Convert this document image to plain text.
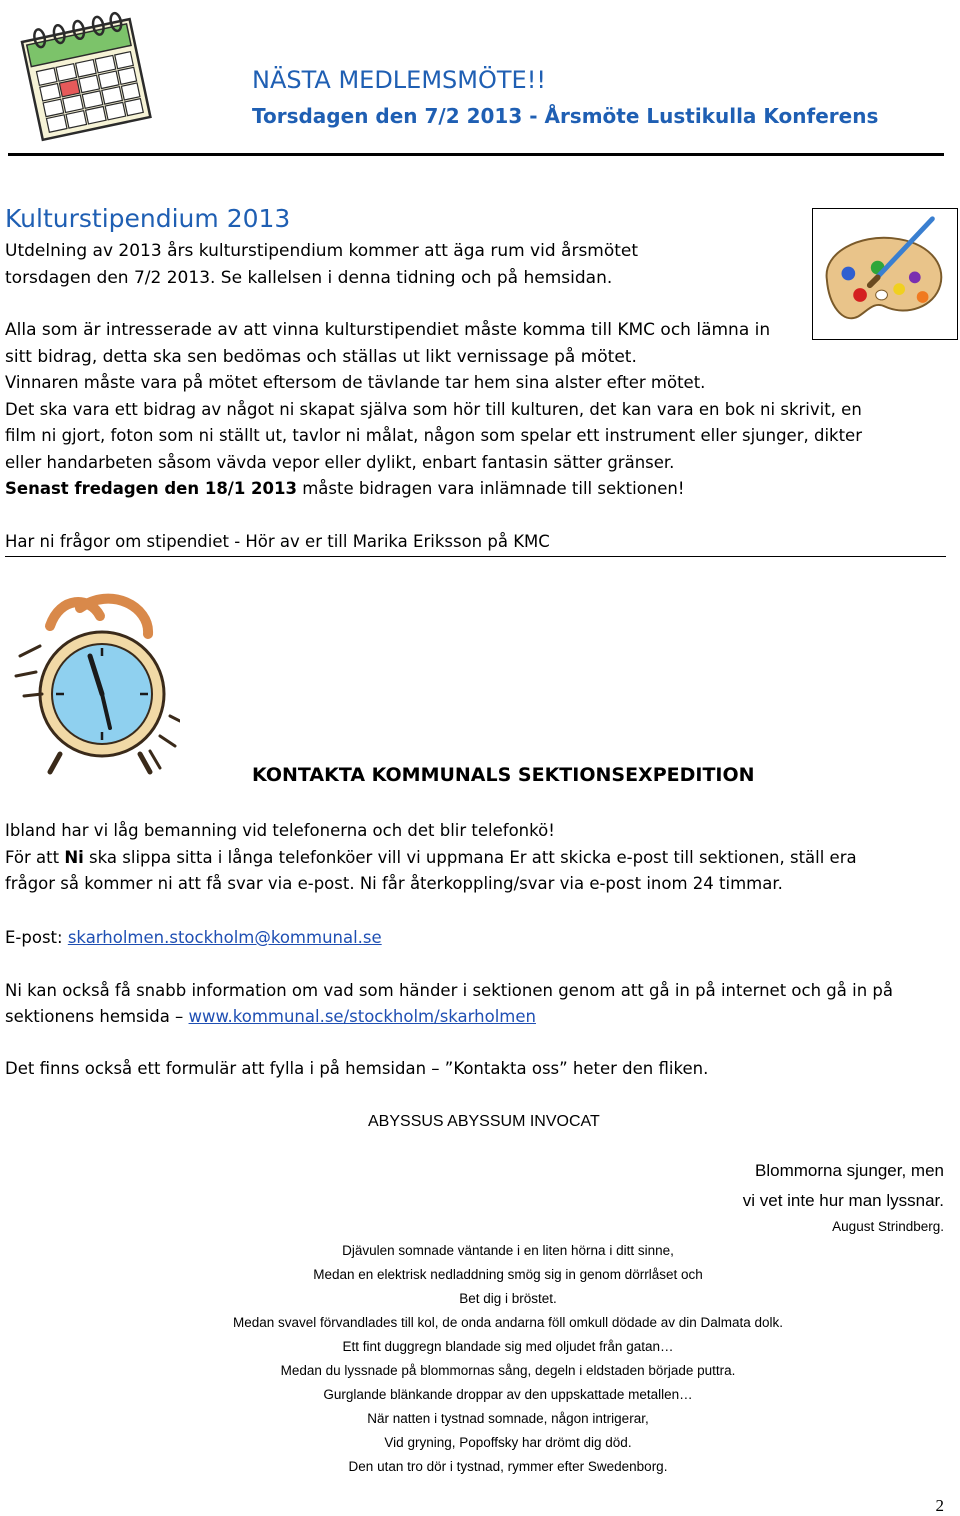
NÄSTA MEDLEMSMÖTE!!
Torsdagen den 7/2 2013 - Årsmöte Lustikulla Konferens
Kulturstipendium 2013
Utdelning av 2013 års kulturstipendium kommer att äga rum vid årsmötet
torsdagen den 7/2 2013. Se kallelsen i denna tidning och på hemsidan.
Alla som är intresserade av att vinna kulturstipendiet måste komma till KMC och lämna in
sitt bidrag, detta ska sen bedömas och ställas ut likt vernissage på mötet.
Vinnaren måste vara på mötet eftersom de tävlande tar hem sina alster efter mötet.
Det ska vara ett bidrag av något ni skapat själva som hör till kulturen, det kan vara en bok ni skrivit, en
film ni gjort, foton som ni ställt ut, tavlor ni målat, någon som spelar ett instrument eller sjunger, dikter
eller handarbeten såsom vävda vepor eller dylikt, enbart fantasin sätter gränser.
Senast fredagen den 18/1 2013 måste bidragen vara inlämnade till sektionen!
Har ni frågor om stipendiet - Hör av er till Marika Eriksson på KMC
KONTAKTA KOMMUNALS SEKTIONSEXPEDITION
Ibland har vi låg bemanning vid telefonerna och det blir telefonkö!
För att Ni ska slippa sitta i långa telefonköer vill vi uppmana Er att skicka e-post till sektionen, ställ era
frågor så kommer ni att få svar via e-post. Ni får återkoppling/svar via e-post inom 24 timmar.
E-post: skarholmen.stockholm@kommunal.se
Ni kan också få snabb information om vad som händer i sektionen genom att gå in på internet och gå in på
sektionens hemsida – www.kommunal.se/stockholm/skarholmen
Det finns också ett formulär att fylla i på hemsidan – ”Kontakta oss” heter den fliken.
ABYSSUS ABYSSUM INVOCAT
Blommorna sjunger, men
vi vet inte hur man lyssnar.
August Strindberg.
Djävulen somnade väntande i en liten hörna i ditt sinne,
Medan en elektrisk nedladdning smög sig in genom dörrlåset och
Bet dig i bröstet.
Medan svavel förvandlades till kol, de onda andarna föll omkull dödade av din Dalmata dolk.
Ett fint duggregn blandade sig med oljudet från gatan…
Medan du lyssnade på blommornas sång, degeln i eldstaden började puttra.
Gurglande blänkande droppar av den uppskattade metallen…
När natten i tystnad somnade, någon intrigerar,
Vid gryning, Popoffsky har drömt dig död.
Den utan tro dör i tystnad, rymmer efter Swedenborg.
2
